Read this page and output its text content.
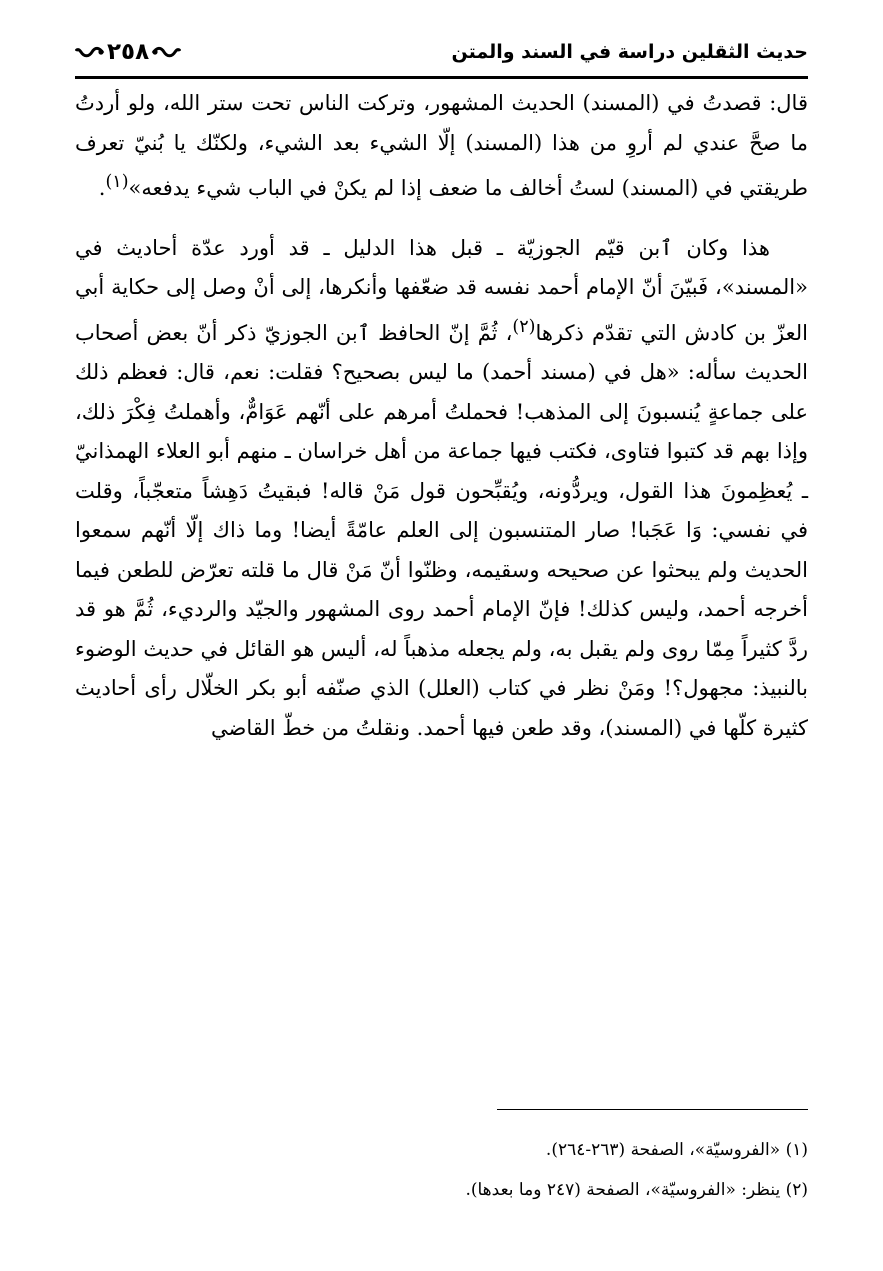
حديث الثقلين دراسة في السند والمتن
٢٥٨

قال: قصدتُ في (المسند) الحديث المشهور، وتركت الناس تحت ستر الله، ولو أردتُ ما صحَّ عندي لم أروِ من هذا (المسند) إلّا الشيء بعد الشيء، ولكنّك يا بُنيّ تعرف طريقتي في (المسند) لستُ أخالف ما ضعف إذا لم يكنْ في الباب شيء يدفعه»$^{(١)}$.

هذا وكان ٱبن قيّم الجوزيّة ـ قبل هذا الدليل ـ قد أورد عدّة أحاديث في «المسند»، فَبيّنَ أنّ الإمام أحمد نفسه قد ضعّفها وأنكرها، إلى أنْ وصل إلى حكاية أبي العزّ بن كادش التي تقدّم ذكرها$^{(٢)}$، ثُمَّ إنّ الحافظ ٱبن الجوزيّ ذكر أنّ بعض أصحاب الحديث سأله: «هل في (مسند أحمد) ما ليس بصحيح؟ فقلت: نعم، قال: فعظم ذلك على جماعةٍ يُنسبونَ إلى المذهب! فحملتُ أمرهم على أنّهم عَوَامٌّ، وأهملتُ فِكْرَ ذلك، وإذا بهم قد كتبوا فتاوى، فكتب فيها جماعة من أهل خراسان ـ منهم أبو العلاء الهمذانيّ ـ يُعظِمونَ هذا القول، ويردُّونه، ويُقبِّحون قول مَنْ قاله! فبقيتُ دَهِشاً متعجّباً، وقلت في نفسي: وَا عَجَبا! صار المتنسبون إلى العلم عامّةً أيضا! وما ذاك إلّا أنّهم سمعوا الحديث ولم يبحثوا عن صحيحه وسقيمه، وظنّوا أنّ مَنْ قال ما قلته تعرّض للطعن فيما أخرجه أحمد، وليس كذلك! فإنّ الإمام أحمد روى المشهور والجيّد والرديء، ثُمَّ هو قد ردَّ كثيراً مِمّا روى ولم يقبل به، ولم يجعله مذهباً له، أليس هو القائل في حديث الوضوء بالنبيذ: مجهول؟! ومَنْ نظر في كتاب (العلل) الذي صنّفه أبو بكر الخلّال رأى أحاديث كثيرة كلّها في (المسند)، وقد طعن فيها أحمد. ونقلتُ من خطّ القاضي

(١) «الفروسيّة»، الصفحة (٢٦٣-٢٦٤).

(٢) ينظر: «الفروسيّة»، الصفحة (٢٤٧ وما بعدها).
